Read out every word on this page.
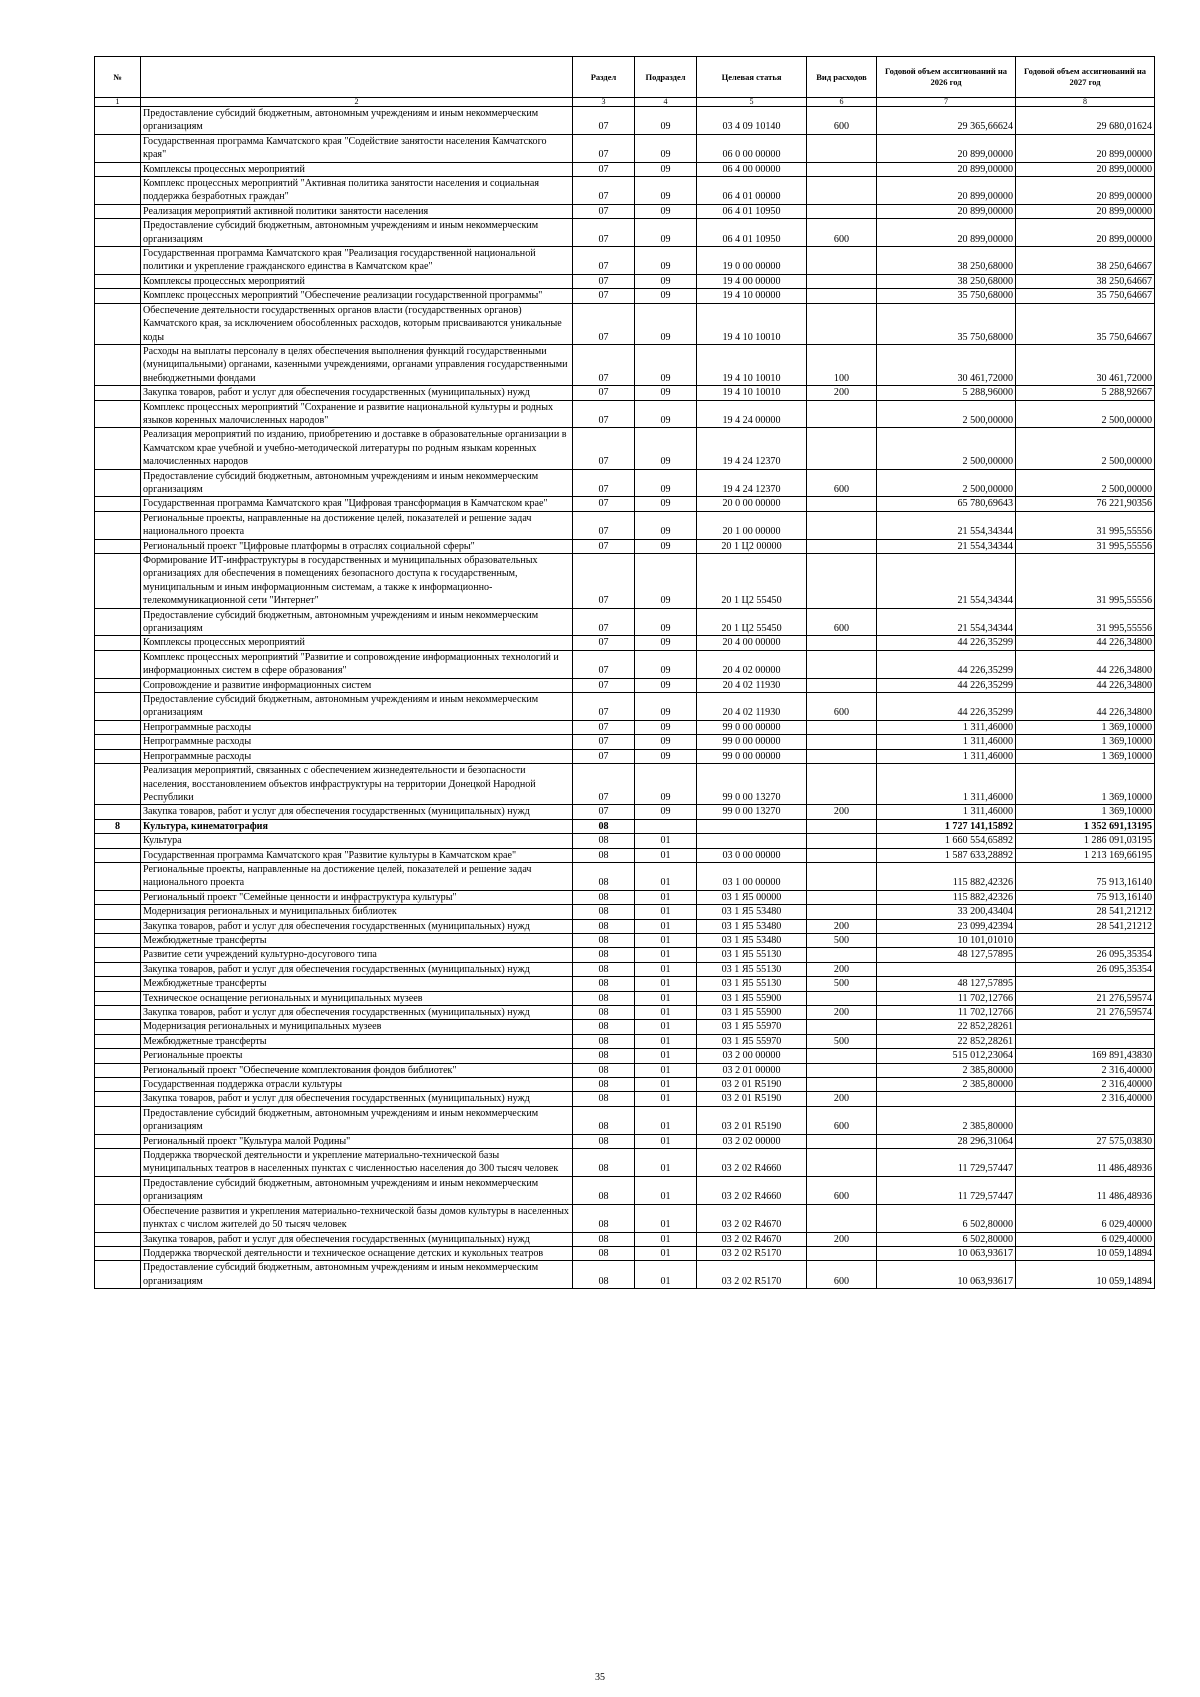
№		Раздел	Подраздел	Целевая статья	Вид расходов	Годовой объем ассигнований на 2026 год	Годовой объем ассигнований на 2027 год
1	2	3	4	5	6	7	8
	Предоставление субсидий бюджетным, автономным учреждениям и иным некоммерческим организациям	07	09	03 4 09 10140	600	29 365,66624	29 680,01624
	Государственная программа Камчатского края "Содействие занятости населения Камчатского края"	07	09	06 0 00 00000		20 899,00000	20 899,00000
	Комплексы процессных мероприятий	07	09	06 4 00 00000		20 899,00000	20 899,00000
	Комплекс процессных мероприятий "Активная политика занятости населения и социальная поддержка безработных граждан"	07	09	06 4 01 00000		20 899,00000	20 899,00000
	Реализация мероприятий активной политики занятости населения	07	09	06 4 01 10950		20 899,00000	20 899,00000
	Предоставление субсидий бюджетным, автономным учреждениям и иным некоммерческим организациям	07	09	06 4 01 10950	600	20 899,00000	20 899,00000
	Государственная программа Камчатского края "Реализация государственной национальной политики и укрепление гражданского единства в Камчатском крае"	07	09	19 0 00 00000		38 250,68000	38 250,64667
	Комплексы процессных мероприятий	07	09	19 4 00 00000		38 250,68000	38 250,64667
	Комплекс процессных мероприятий "Обеспечение реализации государственной программы"	07	09	19 4 10 00000		35 750,68000	35 750,64667
	Обеспечение деятельности государственных органов власти (государственных органов) Камчатского края, за исключением обособленных расходов, которым присваиваются уникальные коды	07	09	19 4 10 10010		35 750,68000	35 750,64667
	Расходы на выплаты персоналу в целях обеспечения выполнения функций государственными (муниципальными) органами, казенными учреждениями, органами управления государственными внебюджетными фондами	07	09	19 4 10 10010	100	30 461,72000	30 461,72000
	Закупка товаров, работ и услуг для обеспечения государственных (муниципальных) нужд	07	09	19 4 10 10010	200	5 288,96000	5 288,92667
	Комплекс процессных мероприятий "Сохранение и развитие национальной культуры и родных языков коренных малочисленных народов"	07	09	19 4 24 00000		2 500,00000	2 500,00000
	Реализация мероприятий по изданию, приобретению и доставке в образовательные организации в Камчатском крае учебной и учебно-методической литературы по родным языкам коренных малочисленных народов	07	09	19 4 24 12370		2 500,00000	2 500,00000
	Предоставление субсидий бюджетным, автономным учреждениям и иным некоммерческим организациям	07	09	19 4 24 12370	600	2 500,00000	2 500,00000
	Государственная программа Камчатского края "Цифровая трансформация в Камчатском крае"	07	09	20 0 00 00000		65 780,69643	76 221,90356
	Региональные проекты, направленные на достижение целей, показателей и решение задач национального проекта	07	09	20 1 00 00000		21 554,34344	31 995,55556
	Региональный проект "Цифровые платформы в отраслях социальной сферы"	07	09	20 1 Ц2 00000		21 554,34344	31 995,55556
	Формирование ИТ-инфраструктуры в государственных и муниципальных образовательных организациях для обеспечения в помещениях безопасного доступа к государственным, муниципальным и иным информационным системам, а также к информационно-телекоммуникационной сети "Интернет"	07	09	20 1 Ц2 55450		21 554,34344	31 995,55556
	Предоставление субсидий бюджетным, автономным учреждениям и иным некоммерческим организациям	07	09	20 1 Ц2 55450	600	21 554,34344	31 995,55556
	Комплексы процессных мероприятий	07	09	20 4 00 00000		44 226,35299	44 226,34800
	Комплекс процессных мероприятий "Развитие и сопровождение информационных технологий и информационных систем в сфере образования"	07	09	20 4 02 00000		44 226,35299	44 226,34800
	Сопровождение и развитие информационных систем	07	09	20 4 02 11930		44 226,35299	44 226,34800
	Предоставление субсидий бюджетным, автономным учреждениям и иным некоммерческим организациям	07	09	20 4 02 11930	600	44 226,35299	44 226,34800
	Непрограммные расходы	07	09	99 0 00 00000		1 311,46000	1 369,10000
	Непрограммные расходы	07	09	99 0 00 00000		1 311,46000	1 369,10000
	Непрограммные расходы	07	09	99 0 00 00000		1 311,46000	1 369,10000
	Реализация мероприятий, связанных с обеспечением жизнедеятельности и безопасности населения, восстановлением объектов инфраструктуры на территории Донецкой Народной Республики	07	09	99 0 00 13270		1 311,46000	1 369,10000
	Закупка товаров, работ и услуг для обеспечения государственных (муниципальных) нужд	07	09	99 0 00 13270	200	1 311,46000	1 369,10000
8	Культура, кинематография	08				1 727 141,15892	1 352 691,13195
	Культура	08	01			1 660 554,65892	1 286 091,03195
	Государственная программа Камчатского края "Развитие культуры в Камчатском крае"	08	01	03 0 00 00000		1 587 633,28892	1 213 169,66195
	Региональные проекты, направленные на достижение целей, показателей и решение задач национального проекта	08	01	03 1 00 00000		115 882,42326	75 913,16140
	Региональный проект "Семейные ценности и инфраструктура культуры"	08	01	03 1 Я5 00000		115 882,42326	75 913,16140
	Модернизация региональных и муниципальных библиотек	08	01	03 1 Я5 53480		33 200,43404	28 541,21212
	Закупка товаров, работ и услуг для обеспечения государственных (муниципальных) нужд	08	01	03 1 Я5 53480	200	23 099,42394	28 541,21212
	Межбюджетные трансферты	08	01	03 1 Я5 53480	500	10 101,01010	
	Развитие сети учреждений культурно-досугового типа	08	01	03 1 Я5 55130		48 127,57895	26 095,35354
	Закупка товаров, работ и услуг для обеспечения государственных (муниципальных) нужд	08	01	03 1 Я5 55130	200		26 095,35354
	Межбюджетные трансферты	08	01	03 1 Я5 55130	500	48 127,57895	
	Техническое оснащение региональных и муниципальных музеев	08	01	03 1 Я5 55900		11 702,12766	21 276,59574
	Закупка товаров, работ и услуг для обеспечения государственных (муниципальных) нужд	08	01	03 1 Я5 55900	200	11 702,12766	21 276,59574
	Модернизация региональных и муниципальных музеев	08	01	03 1 Я5 55970		22 852,28261	
	Межбюджетные трансферты	08	01	03 1 Я5 55970	500	22 852,28261	
	Региональные проекты	08	01	03 2 00 00000		515 012,23064	169 891,43830
	Региональный проект "Обеспечение комплектования фондов библиотек"	08	01	03 2 01 00000		2 385,80000	2 316,40000
	Государственная поддержка отрасли культуры	08	01	03 2 01 R5190		2 385,80000	2 316,40000
	Закупка товаров, работ и услуг для обеспечения государственных (муниципальных) нужд	08	01	03 2 01 R5190	200		2 316,40000
	Предоставление субсидий бюджетным, автономным учреждениям и иным некоммерческим организациям	08	01	03 2 01 R5190	600	2 385,80000	
	Региональный проект "Культура малой Родины"	08	01	03 2 02 00000		28 296,31064	27 575,03830
	Поддержка творческой деятельности и укрепление материально-технической базы муниципальных театров в населенных пунктах с численностью населения до 300 тысяч человек	08	01	03 2 02 R4660		11 729,57447	11 486,48936
	Предоставление субсидий бюджетным, автономным учреждениям и иным некоммерческим организациям	08	01	03 2 02 R4660	600	11 729,57447	11 486,48936
	Обеспечение развития и укрепления материально-технической базы домов культуры в населенных пунктах с числом жителей до 50 тысяч человек	08	01	03 2 02 R4670		6 502,80000	6 029,40000
	Закупка товаров, работ и услуг для обеспечения государственных (муниципальных) нужд	08	01	03 2 02 R4670	200	6 502,80000	6 029,40000
	Поддержка творческой деятельности и техническое оснащение детских и кукольных театров	08	01	03 2 02 R5170		10 063,93617	10 059,14894
	Предоставление субсидий бюджетным, автономным учреждениям и иным некоммерческим организациям	08	01	03 2 02 R5170	600	10 063,93617	10 059,14894
35
